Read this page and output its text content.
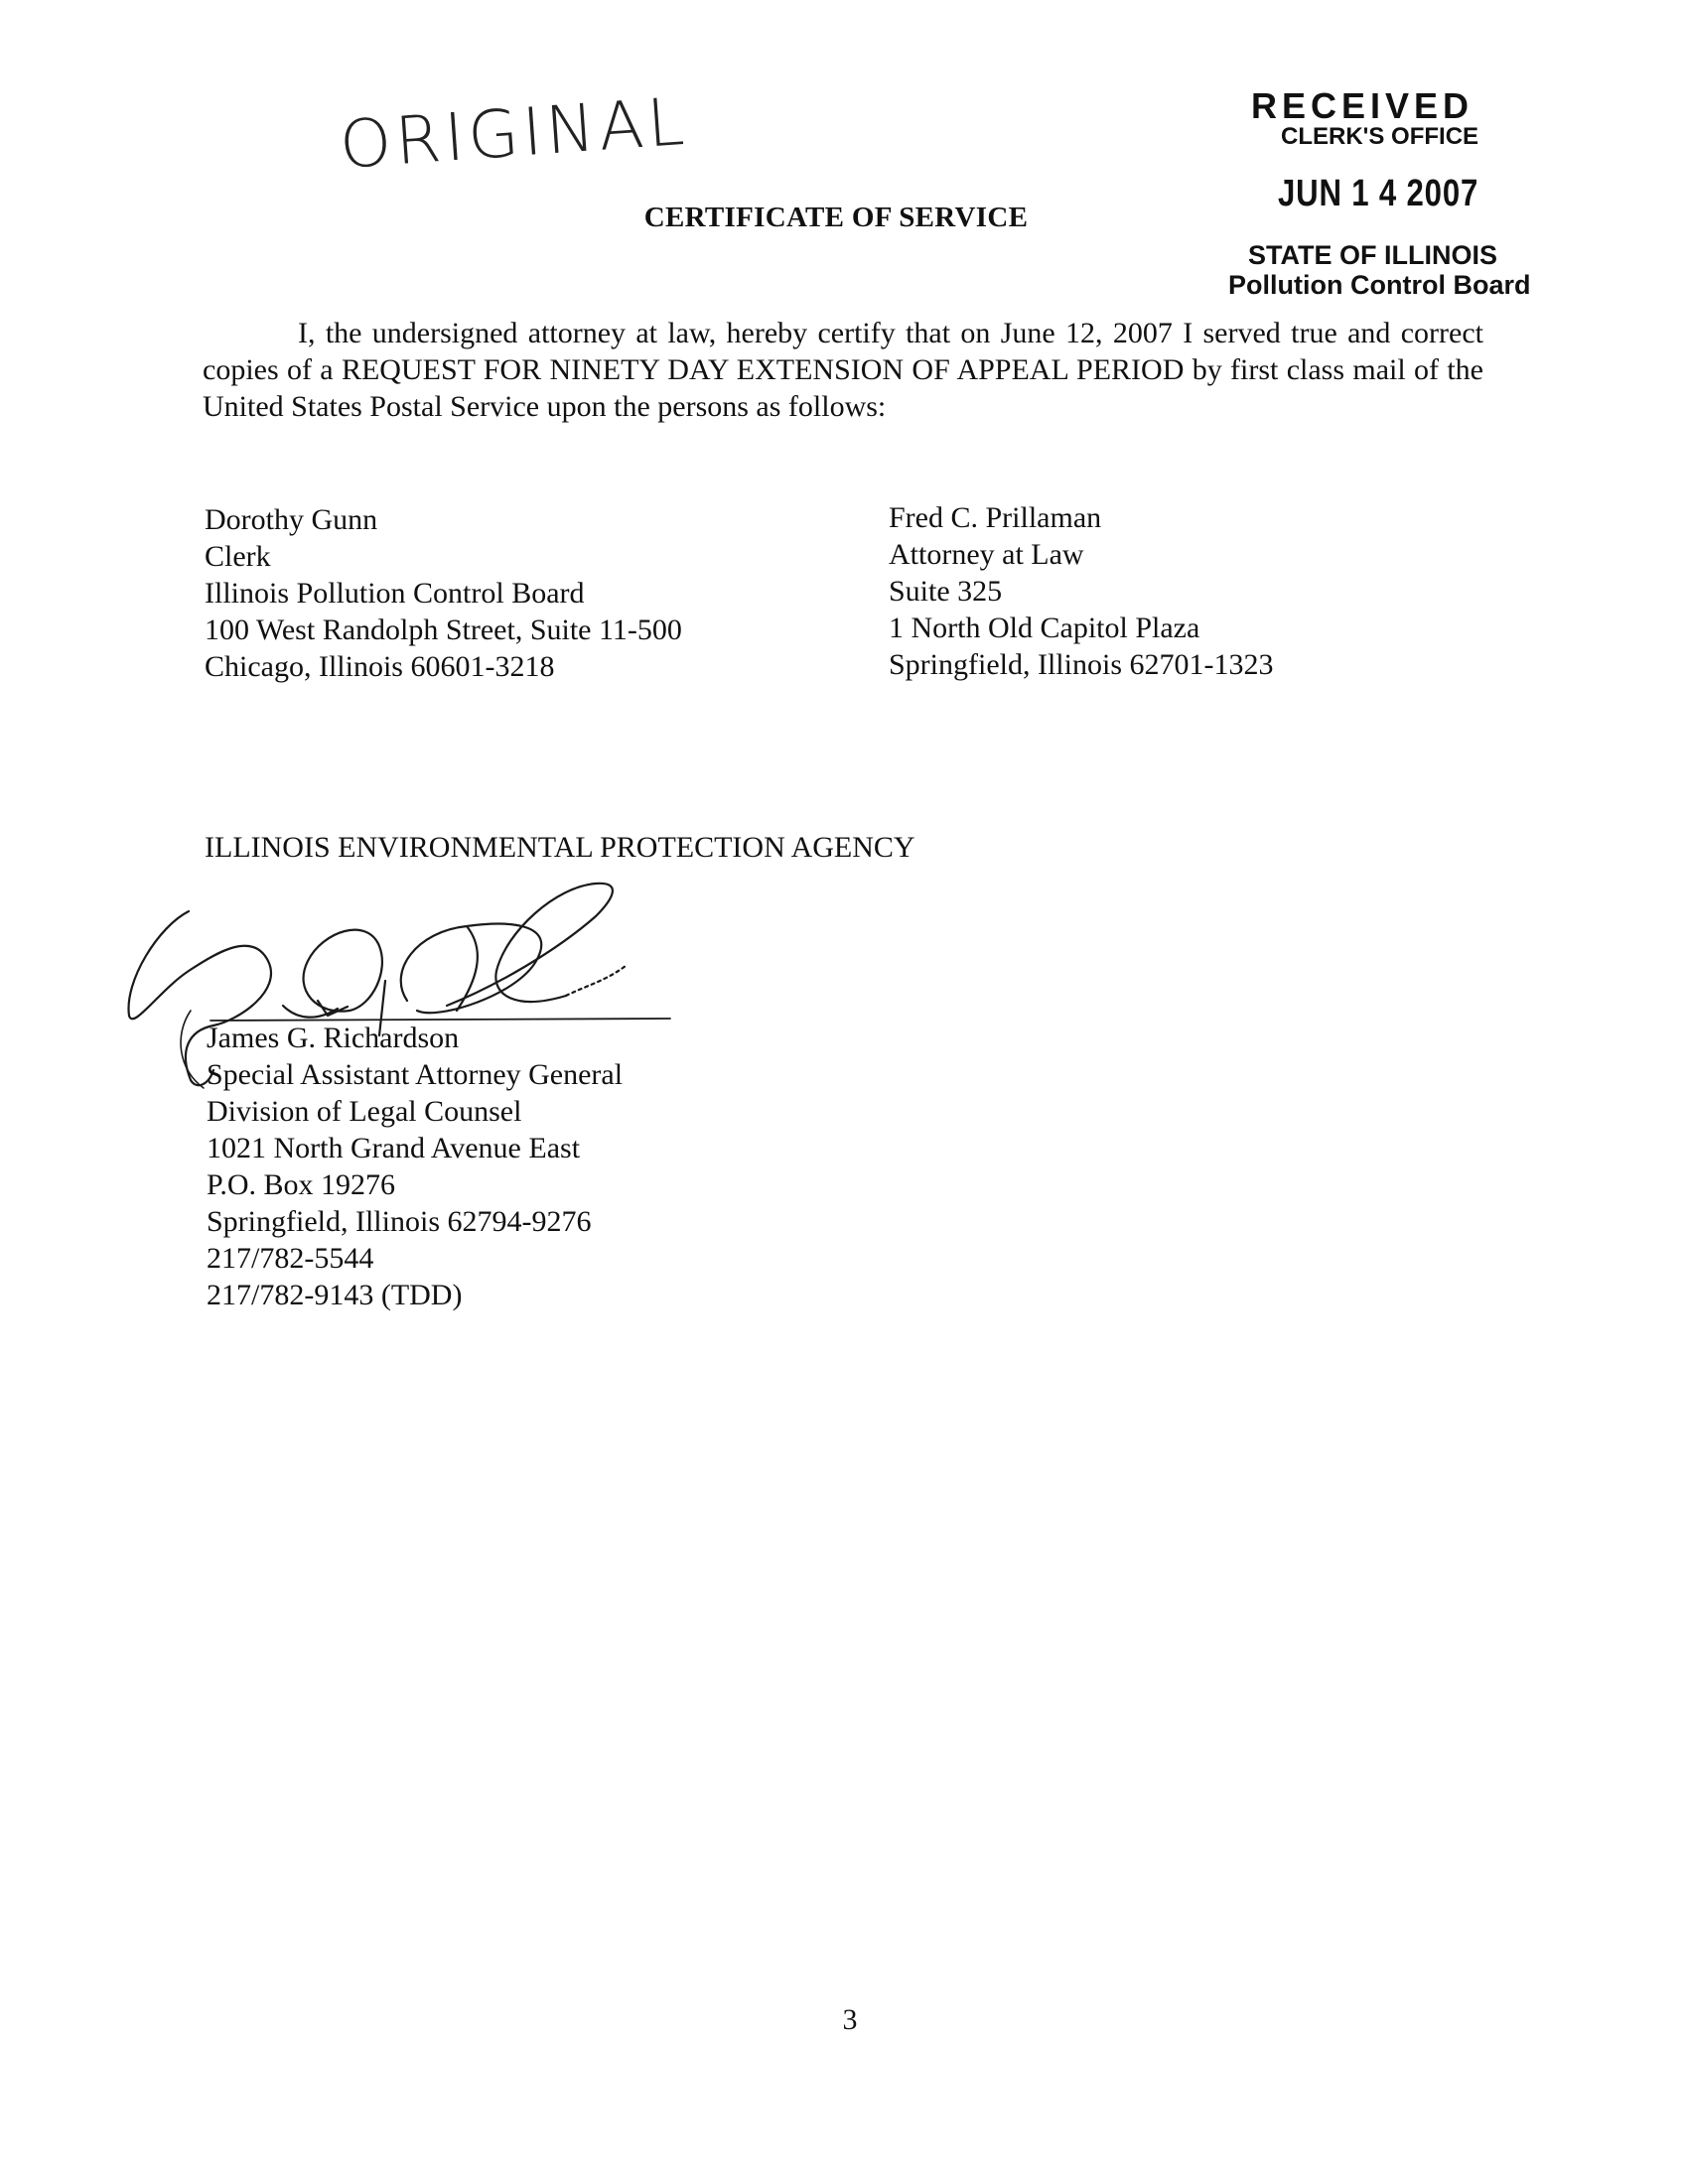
ORIGINAL	RECEIVED
CLERK'S OFFICE
JUN 1 4 2007
STATE OF ILLINOIS
Pollution Control Board
CERTIFICATE OF SERVICE
I, the undersigned attorney at law, hereby certify that on June 12, 2007 I served true and correct copies of a REQUEST FOR NINETY DAY EXTENSION OF APPEAL PERIOD by first class mail of the United States Postal Service upon the persons as follows:
Dorothy Gunn
Clerk
Illinois Pollution Control Board
100 West Randolph Street, Suite 11-500
Chicago, Illinois 60601-3218
Fred C. Prillaman
Attorney at Law
Suite 325
1 North Old Capitol Plaza
Springfield, Illinois 62701-1323
ILLINOIS ENVIRONMENTAL PROTECTION AGENCY
James G. Richardson
Special Assistant Attorney General
Division of Legal Counsel
1021 North Grand Avenue East
P.O. Box 19276
Springfield, Illinois 62794-9276
217/782-5544
217/782-9143 (TDD)
3
